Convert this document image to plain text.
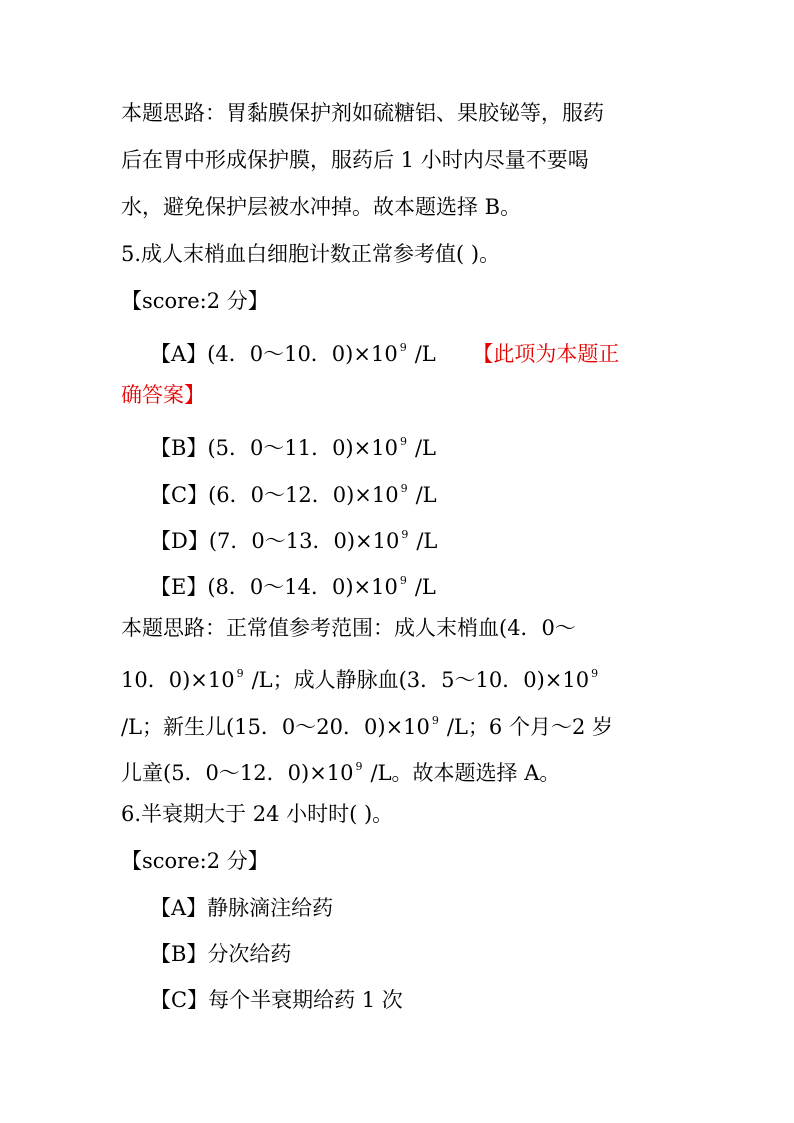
本题思路：胃黏膜保护剂如硫糖铝、果胶铋等，服药
后在胃中形成保护膜，服药后 1 小时内尽量不要喝
水，避免保护层被水冲掉。故本题选择 B。
5.成人末梢血白细胞计数正常参考值( )。
【score:2 分】
【A】(4．0～10．0)×10 $^9$ /L 【此项为本题正
确答案】
【B】(5．0～11．0)×10 $^9$ /L
【C】(6．0～12．0)×10 $^9$ /L
【D】(7．0～13．0)×10 $^9$ /L
【E】(8．0～14．0)×10 $^9$ /L
本题思路：正常值参考范围：成人末梢血(4．0～
10．0)×10 $^9$ /L；成人静脉血(3．5～10．0)×10 $^9$
/L；新生儿(15．0～20．0)×10 $^9$ /L；6 个月～2 岁
儿童(5．0～12．0)×10 $^9$ /L。故本题选择 A。
6.半衰期大于 24 小时时( )。
【score:2 分】
【A】静脉滴注给药
【B】分次给药
【C】每个半衰期给药 1 次
